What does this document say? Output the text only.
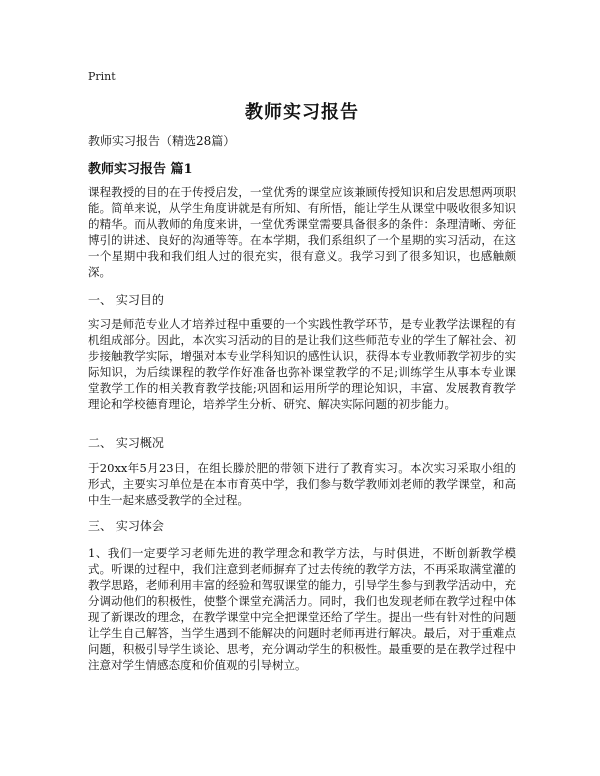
Print
教师实习报告
教师实习报告（精选28篇）
教师实习报告 篇1
课程教授的目的在于传授启发，一堂优秀的课堂应该兼顾传授知识和启发思想两项职能。简单来说，从学生角度讲就是有所知、有所悟，能让学生从课堂中吸收很多知识的精华。而从教师的角度来讲，一堂优秀课堂需要具备很多的条件：条理清晰、旁征博引的讲述、良好的沟通等等。在本学期，我们系组织了一个星期的实习活动，在这一个星期中我和我们组人过的很充实，很有意义。我学习到了很多知识，也感触颇深。
一、 实习目的
实习是师范专业人才培养过程中重要的一个实践性教学环节，是专业教学法课程的有机组成部分。因此，本次实习活动的目的是让我们这些师范专业的学生了解社会、初步接触教学实际，增强对本专业学科知识的感性认识，获得本专业教师教学初步的实际知识，为后续课程的教学作好准备也弥补课堂教学的不足;训练学生从事本专业课堂教学工作的相关教育教学技能;巩固和运用所学的理论知识，丰富、发展教育教学理论和学校德育理论，培养学生分析、研究、解决实际问题的初步能力。
二、 实习概况
于20xx年5月23日，在组长滕於肥的带领下进行了教育实习。本次实习采取小组的形式，主要实习单位是在本市育英中学，我们参与数学教师刘老师的教学课堂，和高中生一起来感受教学的全过程。
三、 实习体会
1、我们一定要学习老师先进的教学理念和教学方法，与时俱进，不断创新教学模式。听课的过程中，我们注意到老师摒弃了过去传统的教学方法，不再采取满堂灌的教学思路，老师利用丰富的经验和驾驭课堂的能力，引导学生参与到教学活动中，充分调动他们的积极性，使整个课堂充满活力。同时，我们也发现老师在教学过程中体现了新课改的理念，在教学课堂中完全把课堂还给了学生。提出一些有针对性的问题让学生自己解答，当学生遇到不能解决的问题时老师再进行解决。最后，对于重难点问题，积极引导学生谈论、思考，充分调动学生的积极性。最重要的是在教学过程中注意对学生情感态度和价值观的引导树立。
